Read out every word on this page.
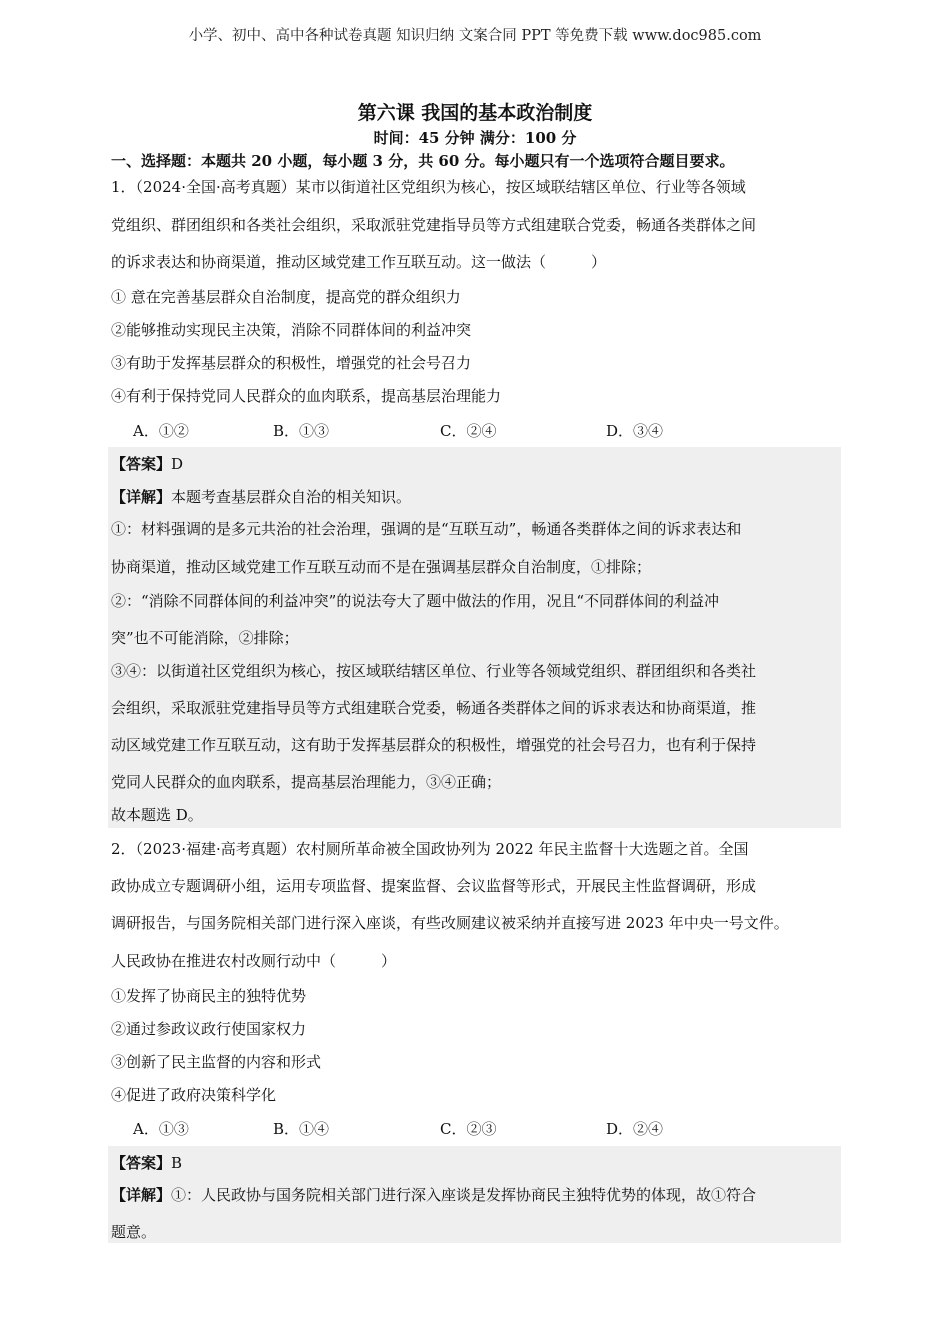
小学、初中、高中各种试卷真题 知识归纳 文案合同 PPT 等免费下载 www.doc985.com
第六课 我国的基本政治制度
时间：45 分钟 满分：100 分
一、选择题：本题共 20 小题，每小题 3 分，共 60 分。每小题只有一个选项符合题目要求。
1．（2024·全国·高考真题）某市以街道社区党组织为核心，按区域联结辖区单位、行业等各领域
党组织、群团组织和各类社会组织，采取派驻党建指导员等方式组建联合党委，畅通各类群体之间
的诉求表达和协商渠道，推动区域党建工作互联互动。这一做法（　　　）
① 意在完善基层群众自治制度，提高党的群众组织力
②能够推动实现民主决策，消除不同群体间的利益冲突
③有助于发挥基层群众的积极性，增强党的社会号召力
④有利于保持党同人民群众的血肉联系，提高基层治理能力
A．①②	B．①③	C．②④	D．③④
【答案】D
【详解】本题考查基层群众自治的相关知识。
①：材料强调的是多元共治的社会治理，强调的是“互联互动”，畅通各类群体之间的诉求表达和
协商渠道，推动区域党建工作互联互动而不是在强调基层群众自治制度，①排除；
②：“消除不同群体间的利益冲突”的说法夸大了题中做法的作用，况且“不同群体间的利益冲
突”也不可能消除，②排除；
③④：以街道社区党组织为核心，按区域联结辖区单位、行业等各领域党组织、群团组织和各类社
会组织，采取派驻党建指导员等方式组建联合党委，畅通各类群体之间的诉求表达和协商渠道，推
动区域党建工作互联互动，这有助于发挥基层群众的积极性，增强党的社会号召力，也有利于保持
党同人民群众的血肉联系，提高基层治理能力，③④正确；
故本题选 D。
2．（2023·福建·高考真题）农村厕所革命被全国政协列为 2022 年民主监督十大选题之首。全国
政协成立专题调研小组，运用专项监督、提案监督、会议监督等形式，开展民主性监督调研，形成
调研报告，与国务院相关部门进行深入座谈，有些改厕建议被采纳并直接写进 2023 年中央一号文件。
人民政协在推进农村改厕行动中（　　　）
①发挥了协商民主的独特优势
②通过参政议政行使国家权力
③创新了民主监督的内容和形式
④促进了政府决策科学化
A．①③	B．①④	C．②③	D．②④
【答案】B
【详解】①：人民政协与国务院相关部门进行深入座谈是发挥协商民主独特优势的体现，故①符合
题意。
